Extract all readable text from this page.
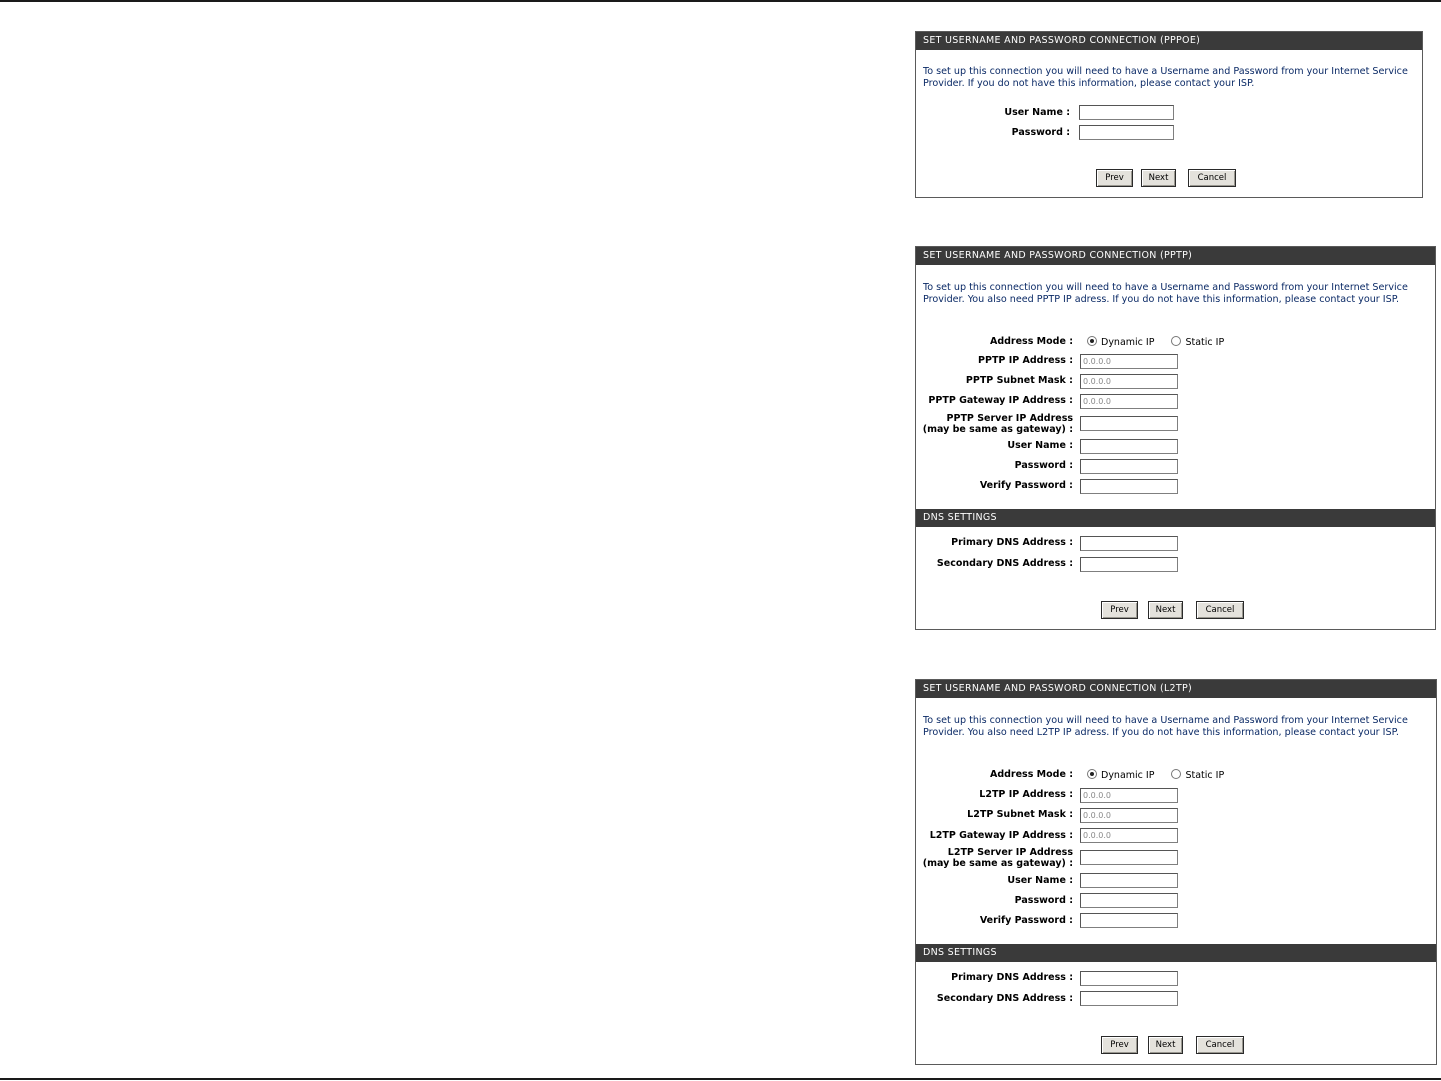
SET USERNAME AND PASSWORD CONNECTION (PPPOE)
To set up this connection you will need to have a Username and Password from your Internet Service Provider. If you do not have this information, please contact your ISP.
User Name :
Password :
Prev	Next	Cancel
SET USERNAME AND PASSWORD CONNECTION (PPTP)
To set up this connection you will need to have a Username and Password from your Internet Service Provider. You also need PPTP IP adress. If you do not have this information, please contact your ISP.
Address Mode :	Dynamic IP	Static IP
PPTP IP Address :	0.0.0.0
PPTP Subnet Mask :	0.0.0.0
PPTP Gateway IP Address :	0.0.0.0
PPTP Server IP Address
(may be same as gateway) :
User Name :
Password :
Verify Password :
DNS SETTINGS
Primary DNS Address :
Secondary DNS Address :
Prev	Next	Cancel
SET USERNAME AND PASSWORD CONNECTION (L2TP)
To set up this connection you will need to have a Username and Password from your Internet Service Provider. You also need L2TP IP adress. If you do not have this information, please contact your ISP.
Address Mode :	Dynamic IP	Static IP
L2TP IP Address :	0.0.0.0
L2TP Subnet Mask :	0.0.0.0
L2TP Gateway IP Address :	0.0.0.0
L2TP Server IP Address
(may be same as gateway) :
User Name :
Password :
Verify Password :
DNS SETTINGS
Primary DNS Address :
Secondary DNS Address :
Prev	Next	Cancel
